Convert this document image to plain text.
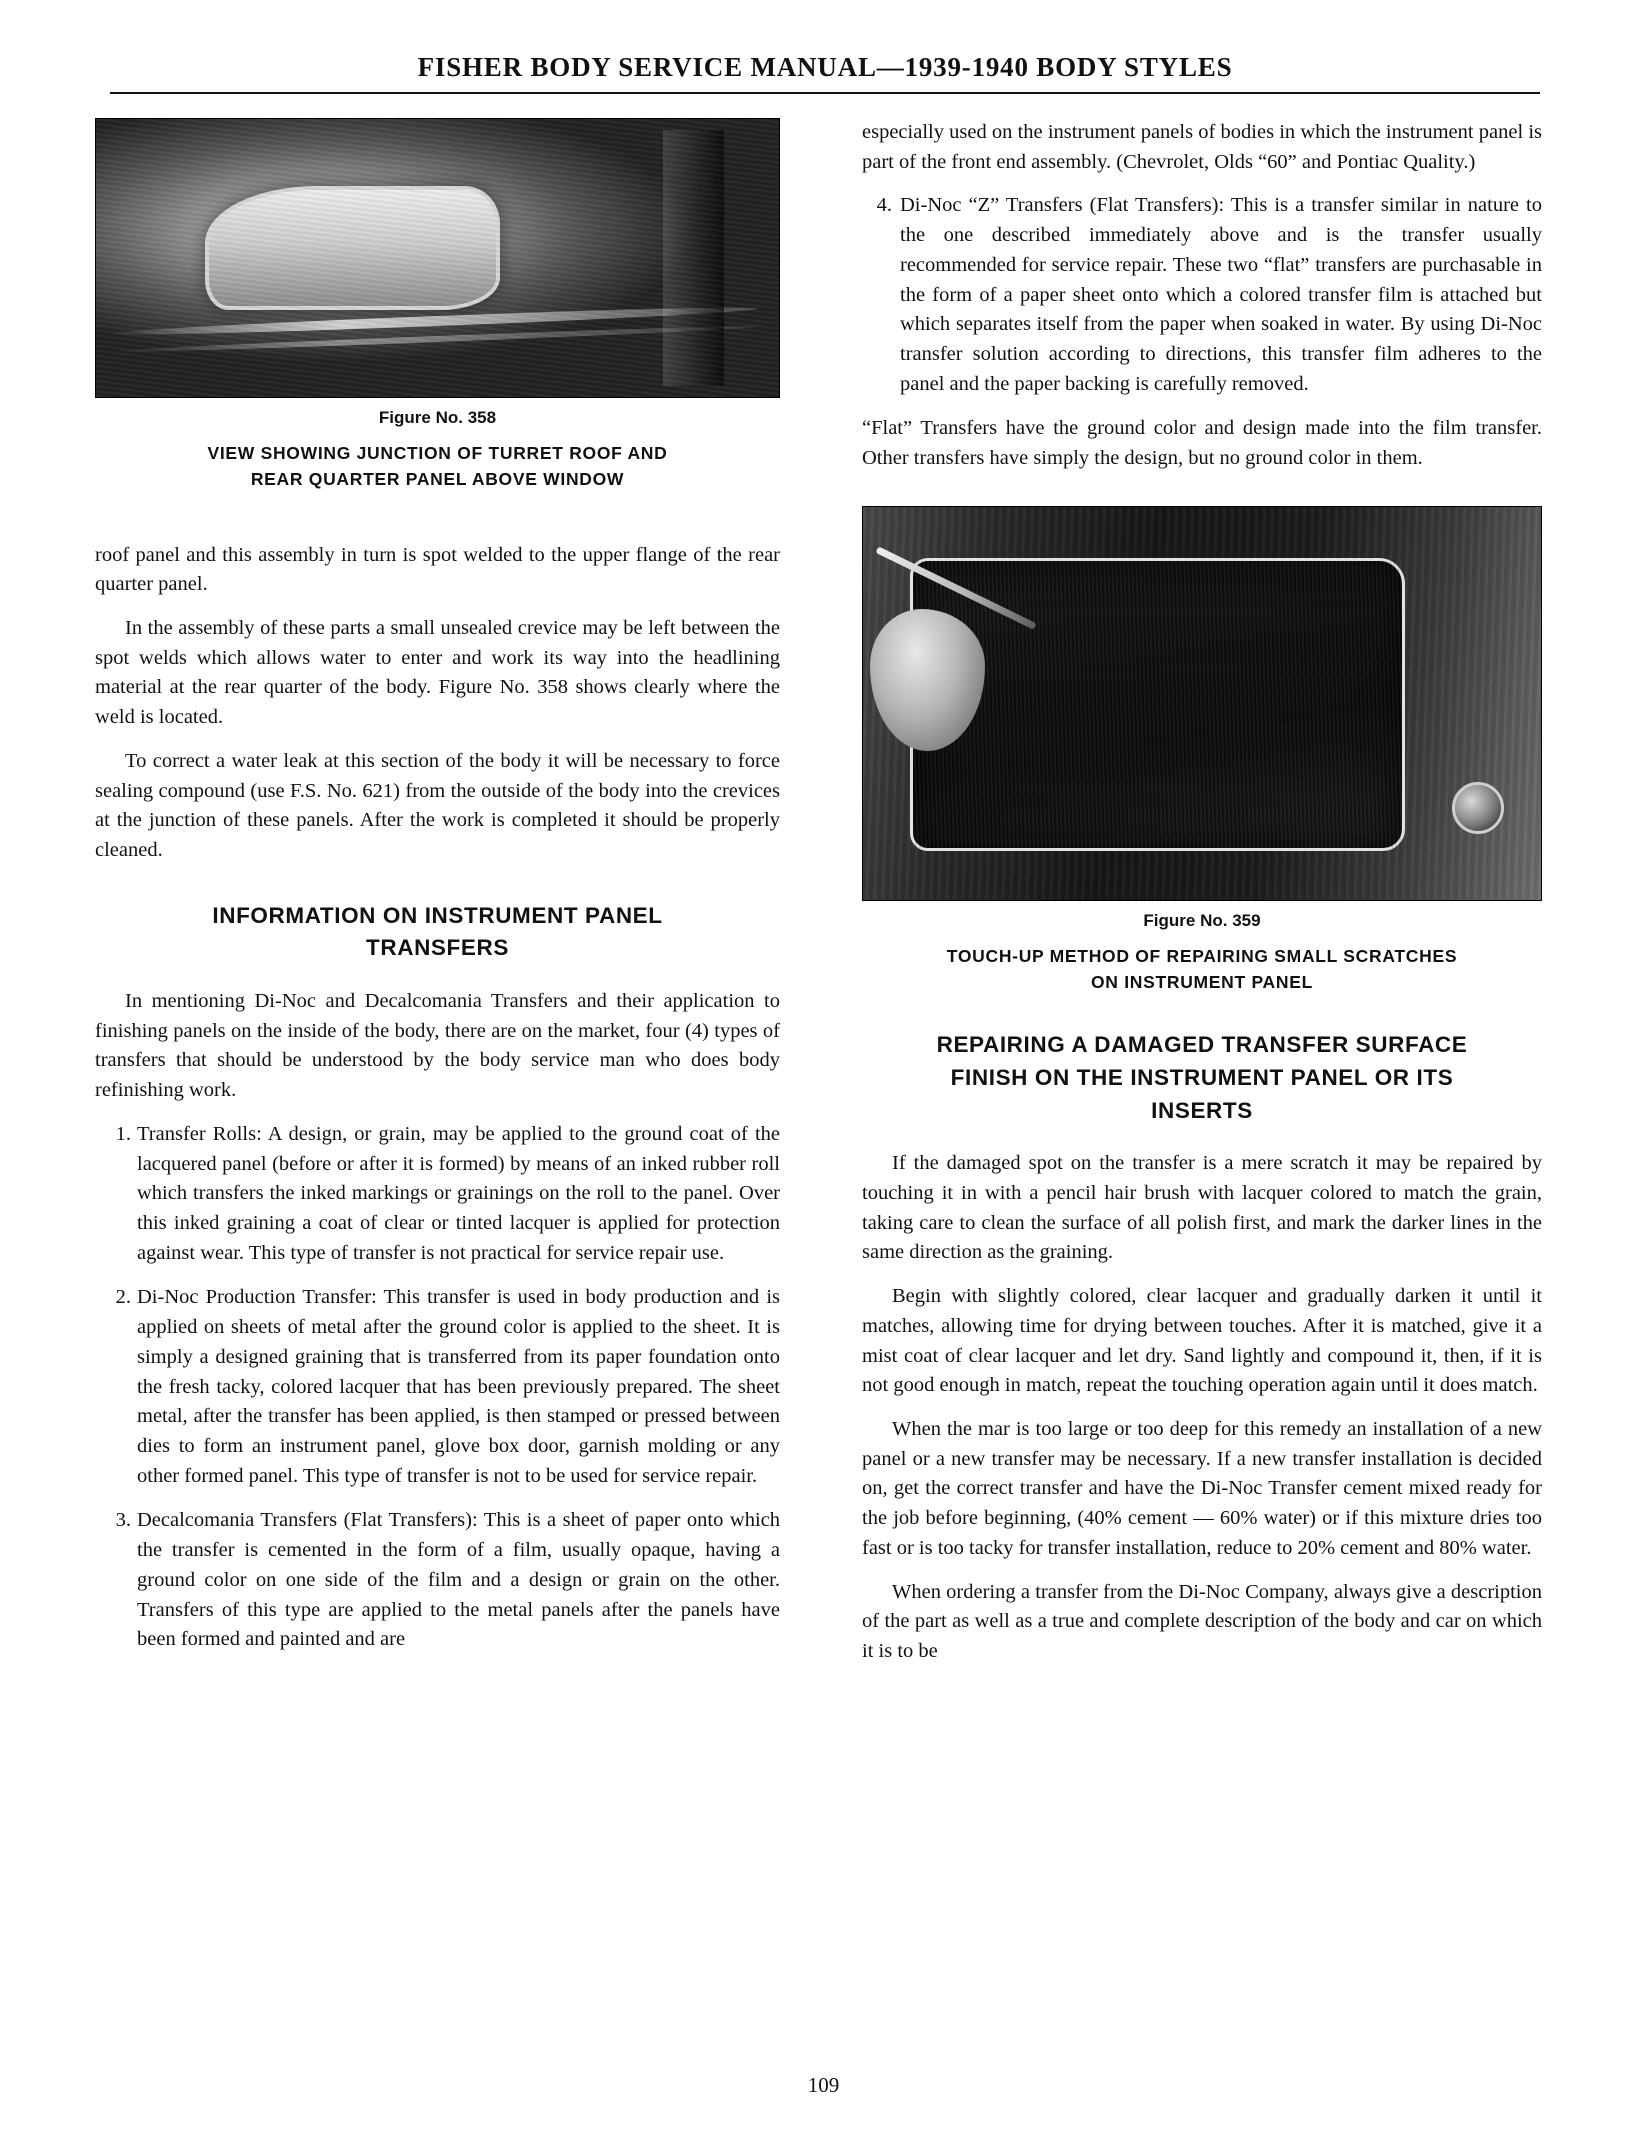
FISHER BODY SERVICE MANUAL—1939-1940 BODY STYLES
Figure No. 358
VIEW SHOWING JUNCTION OF TURRET ROOF AND
REAR QUARTER PANEL ABOVE WINDOW

roof panel and this assembly in turn is spot welded to the upper flange of the rear quarter panel.

In the assembly of these parts a small unsealed crevice may be left between the spot welds which allows water to enter and work its way into the headlining material at the rear quarter of the body. Figure No. 358 shows clearly where the weld is located.

To correct a water leak at this section of the body it will be necessary to force sealing compound (use F.S. No. 621) from the outside of the body into the crevices at the junction of these panels. After the work is completed it should be properly cleaned.

INFORMATION ON INSTRUMENT PANEL
TRANSFERS

In mentioning Di-Noc and Decalcomania Transfers and their application to finishing panels on the inside of the body, there are on the market, four (4) types of transfers that should be understood by the body service man who does body refinishing work.

1. Transfer Rolls: A design, or grain, may be applied to the ground coat of the lacquered panel (before or after it is formed) by means of an inked rubber roll which transfers the inked markings or grainings on the roll to the panel. Over this inked graining a coat of clear or tinted lacquer is applied for protection against wear. This type of transfer is not practical for service repair use.
2. Di-Noc Production Transfer: This transfer is used in body production and is applied on sheets of metal after the ground color is applied to the sheet. It is simply a designed graining that is transferred from its paper foundation onto the fresh tacky, colored lacquer that has been previously prepared. The sheet metal, after the transfer has been applied, is then stamped or pressed between dies to form an instrument panel, glove box door, garnish molding or any other formed panel. This type of transfer is not to be used for service repair.
3. Decalcomania Transfers (Flat Transfers): This is a sheet of paper onto which the transfer is cemented in the form of a film, usually opaque, having a ground color on one side of the film and a design or grain on the other. Transfers of this type are applied to the metal panels after the panels have been formed and painted and are

especially used on the instrument panels of bodies in which the instrument panel is part of the front end assembly. (Chevrolet, Olds “60” and Pontiac Quality.)

4. Di-Noc “Z” Transfers (Flat Transfers): This is a transfer similar in nature to the one described immediately above and is the transfer usually recommended for service repair. These two “flat” transfers are purchasable in the form of a paper sheet onto which a colored transfer film is attached but which separates itself from the paper when soaked in water. By using Di-Noc transfer solution according to directions, this transfer film adheres to the panel and the paper backing is carefully removed.

“Flat” Transfers have the ground color and design made into the film transfer. Other transfers have simply the design, but no ground color in them.

Figure No. 359
TOUCH-UP METHOD OF REPAIRING SMALL SCRATCHES
ON INSTRUMENT PANEL
REPAIRING A DAMAGED TRANSFER SURFACE
FINISH ON THE INSTRUMENT PANEL OR ITS
INSERTS

If the damaged spot on the transfer is a mere scratch it may be repaired by touching it in with a pencil hair brush with lacquer colored to match the grain, taking care to clean the surface of all polish first, and mark the darker lines in the same direction as the graining.

Begin with slightly colored, clear lacquer and gradually darken it until it matches, allowing time for drying between touches. After it is matched, give it a mist coat of clear lacquer and let dry. Sand lightly and compound it, then, if it is not good enough in match, repeat the touching operation again until it does match.

When the mar is too large or too deep for this remedy an installation of a new panel or a new transfer may be necessary. If a new transfer installation is decided on, get the correct transfer and have the Di-Noc Transfer cement mixed ready for the job before beginning, (40% cement — 60% water) or if this mixture dries too fast or is too tacky for transfer installation, reduce to 20% cement and 80% water.

When ordering a transfer from the Di-Noc Company, always give a description of the part as well as a true and complete description of the body and car on which it is to be

109
